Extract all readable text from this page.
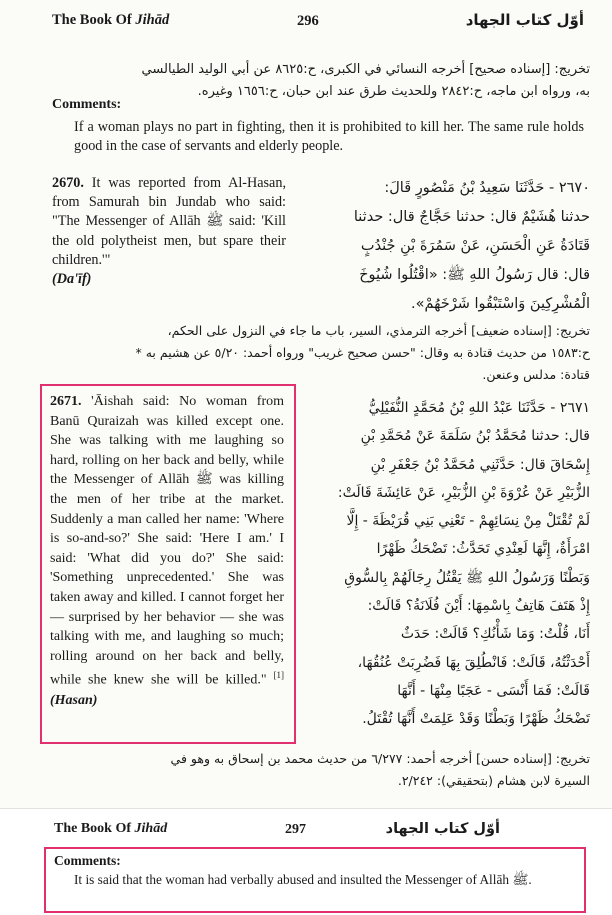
The Book Of Jihād	296	أوّل كتاب الجهاد
تخريج: [إسناده صحيح] أخرجه النسائي في الكبرى، ح:٨٦٢٥ عن أبي الوليد الطيالسي
به، ورواه ابن ماجه، ح:٢٨٤٢ وللحديث طرق عند ابن حبان، ح:١٦٥٦ وغيره.
Comments:
If a woman plays no part in fighting, then it is prohibited to kill her. The same rule holds good in the case of servants and elderly people.
2670. It was reported from Al-Hasan, from Samurah bin Jundab who said: "The Messenger of Allāh ﷺ said: 'Kill the old polytheist men, but spare their children.'"
(Da'īf)
٢٦٧٠ - حَدَّثَنَا سَعِيدُ بْنُ مَنْصُورٍ قَالَ:
حدثنا هُشَيْمٌ قال: حدثنا حَجَّاجٌ قال: حدثنا
قَتَادَةُ عَنِ الْحَسَنِ، عَنْ سَمُرَةَ بْنِ جُنْدُبٍ
قال: قال رَسُولُ اللهِ ﷺ: «اقْتُلُوا شُيُوخَ
الْمُشْرِكِينَ وَاسْتَبْقُوا شَرْخَهُمْ».
تخريج: [إسناده ضعيف] أخرجه الترمذي، السير، باب ما جاء في النزول على الحكم،
ح:١٥٨٣ من حديث قتادة به وقال: "حسن صحيح غريب" ورواه أحمد: ٥/٢٠ عن هشيم به *
قتادة: مدلس وعنعن.
2671. 'Āishah said: No woman from Banū Quraizah was killed except one. She was talking with me laughing so hard, rolling on her back and belly, while the Messenger of Allāh ﷺ was killing the men of her tribe at the market. Suddenly a man called her name: 'Where is so-and-so?' She said: 'Here I am.' I said: 'What did you do?' She said: 'Something unprecedented.' She was taken away and killed. I cannot forget her — surprised by her behavior — she was talking with me, and laughing so much; rolling around on her back and belly, while she knew she will be killed." [1] (Hasan)
٢٦٧١ - حَدَّثَنَا عَبْدُ اللهِ بْنُ مُحَمَّدٍ النُّفَيْلِيُّ
قال: حدثنا مُحَمَّدُ بْنُ سَلَمَةَ عَنْ مُحَمَّدِ بْنِ
إِسْحَاقَ قال: حَدَّثَنِي مُحَمَّدُ بْنُ جَعْفَرِ بْنِ
الزُّبَيْرِ عَنْ عُرْوَةَ بْنِ الزُّبَيْرِ، عَنْ عَائِشَةَ قَالَتْ:
لَمْ تُقْتَلْ مِنْ نِسَائِهِمْ - تَعْنِي بَنِي قُرَيْظَةَ - إِلَّا
امْرَأَةٌ، إِنَّهَا لَعِنْدِي تَحَدَّثُ: تَضْحَكُ ظَهْرًا
وَبَطْنًا وَرَسُولُ اللهِ ﷺ يَقْتُلُ رِجَالَهُمْ بِالسُّوقِ
إِذْ هَتَفَ هَاتِفٌ بِاسْمِهَا: أَيْنَ فُلَانَةُ؟ قَالَتْ:
أَنَا، قُلْتُ: وَمَا شَأْنُكِ؟ قَالَتْ: حَدَثٌ
أَحْدَثْتُهُ، قَالَتْ: فَانْطُلِقَ بِهَا فَضُرِبَتْ عُنُقُهَا،
قَالَتْ: فَمَا أَنْسَى - عَجَبًا مِنْهَا - أَنَّهَا
تَضْحَكُ ظَهْرًا وَبَطْنًا وَقَدْ عَلِمَتْ أَنَّهَا تُقْتَلُ.
تخريج: [إسناده حسن] أخرجه أحمد: ٦/٢٧٧ من حديث محمد بن إسحاق به وهو في
السيرة لابن هشام (بتحقيقي): ٢/٢٤٢.
The Book Of Jihād	297	أوّل كتاب الجهاد
Comments:
It is said that the woman had verbally abused and insulted the Messenger of Allāh ﷺ.
